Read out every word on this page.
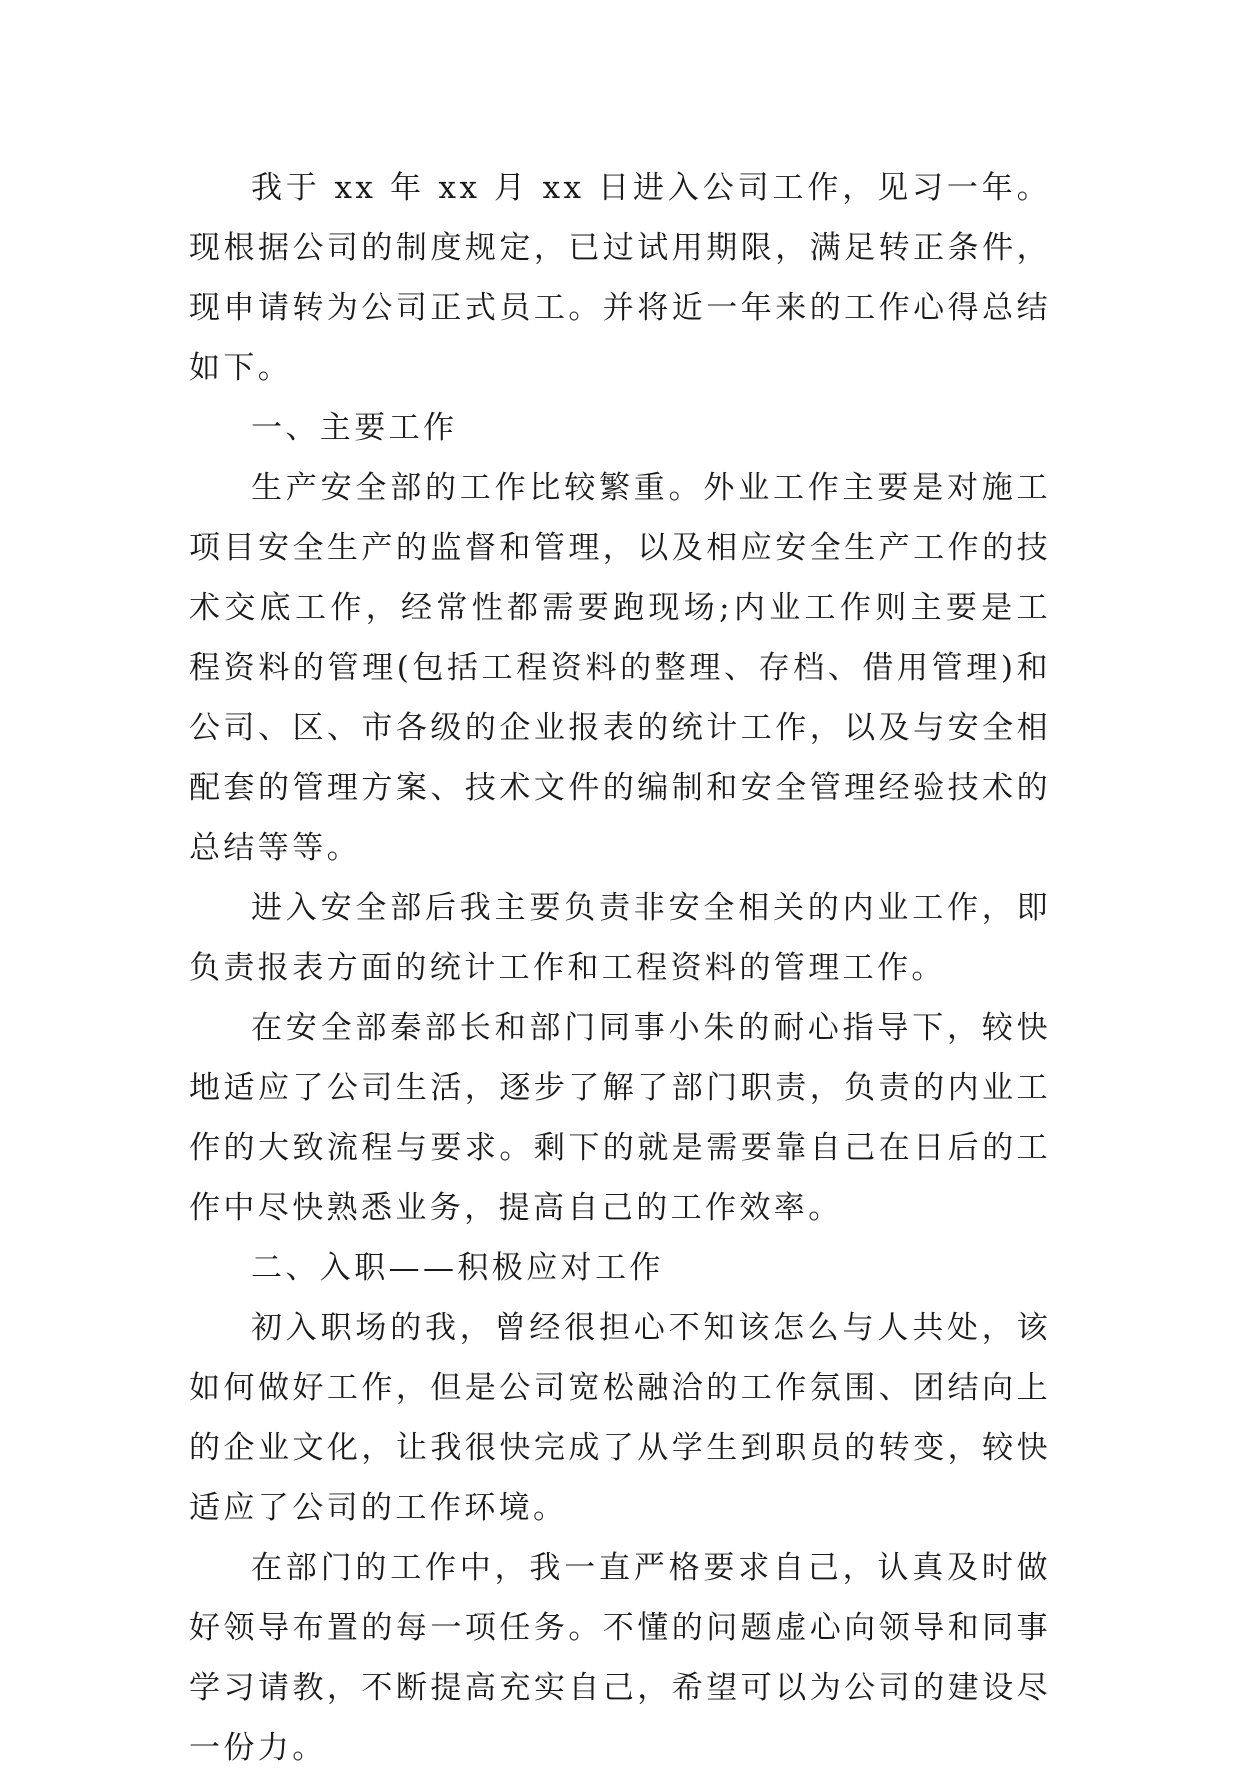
我于 xx 年 xx 月 xx 日进入公司工作，见习一年。现根据公司的制度规定，已过试用期限，满足转正条件，现申请转为公司正式员工。并将近一年来的工作心得总结如下。

一、主要工作

生产安全部的工作比较繁重。外业工作主要是对施工项目安全生产的监督和管理，以及相应安全生产工作的技术交底工作，经常性都需要跑现场;内业工作则主要是工程资料的管理(包括工程资料的整理、存档、借用管理)和公司、区、市各级的企业报表的统计工作，以及与安全相配套的管理方案、技术文件的编制和安全管理经验技术的总结等等。

进入安全部后我主要负责非安全相关的内业工作，即负责报表方面的统计工作和工程资料的管理工作。

在安全部秦部长和部门同事小朱的耐心指导下，较快地适应了公司生活，逐步了解了部门职责，负责的内业工作的大致流程与要求。剩下的就是需要靠自己在日后的工作中尽快熟悉业务，提高自己的工作效率。

二、入职——积极应对工作

初入职场的我，曾经很担心不知该怎么与人共处，该如何做好工作，但是公司宽松融洽的工作氛围、团结向上的企业文化，让我很快完成了从学生到职员的转变，较快适应了公司的工作环境。

在部门的工作中，我一直严格要求自己，认真及时做好领导布置的每一项任务。不懂的问题虚心向领导和同事学习请教，不断提高充实自己，希望可以为公司的建设尽一份力。
